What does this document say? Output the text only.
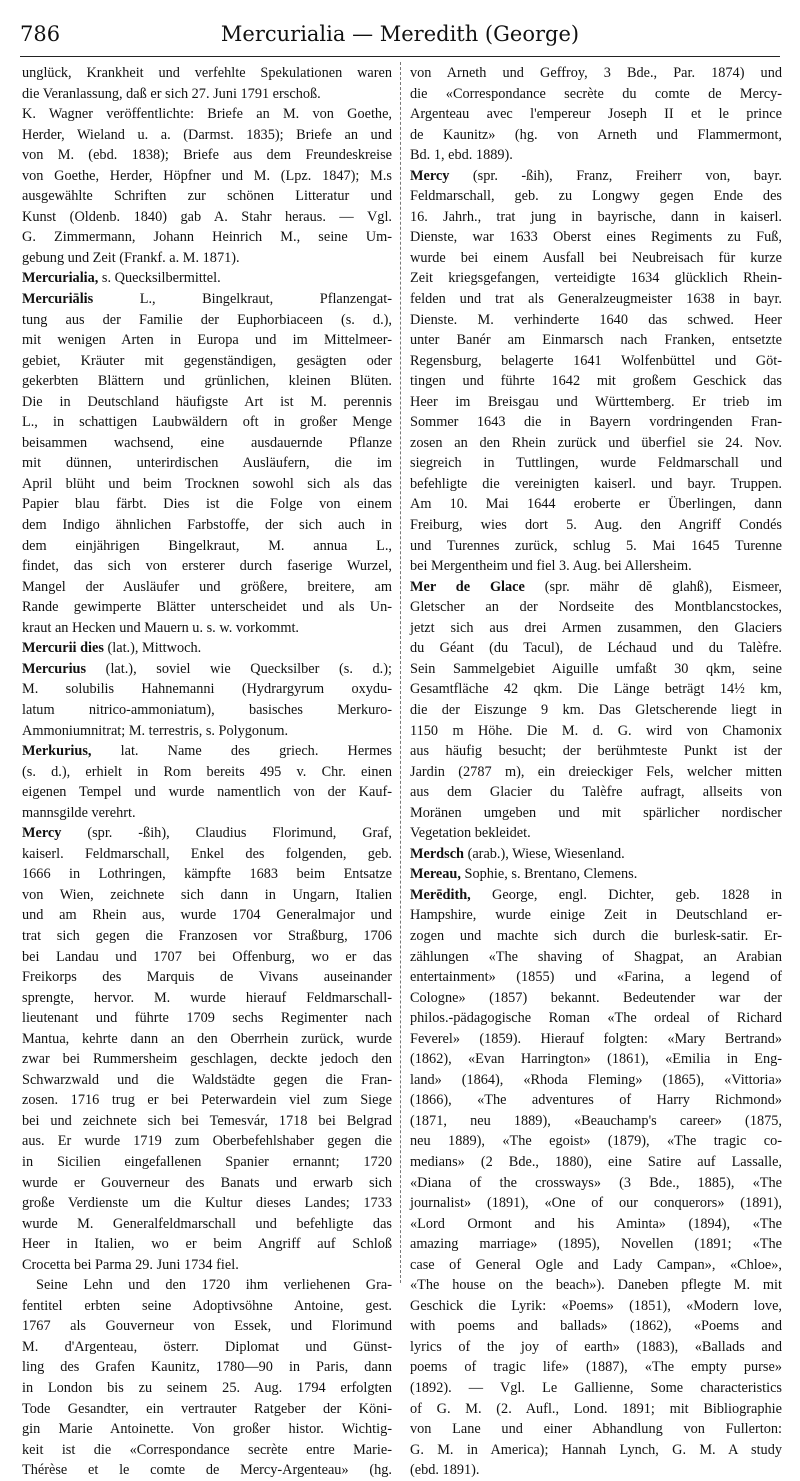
786	Mercurialia — Meredith (George)
unglück, Krankheit und verfehlte Spekulationen waren
die Veranlassung, daß er sich 27. Juni 1791 erschoß.
K. Wagner veröffentlichte: Briefe an M. von Goethe,
Herder, Wieland u. a. (Darmst. 1835); Briefe an und
von M. (ebd. 1838); Briefe aus dem Freundeskreise
von Goethe, Herder, Höpfner und M. (Lpz. 1847); M.s
ausgewählte Schriften zur schönen Litteratur und
Kunst (Oldenb. 1840) gab A. Stahr heraus. — Vgl.
G. Zimmermann, Johann Heinrich M., seine Um-
gebung und Zeit (Frankf. a. M. 1871).
Mercurialia, s. Quecksilbermittel.
Mercuriālis L., Bingelkraut, Pflanzengat-
tung aus der Familie der Euphorbiaceen (s. d.),
mit wenigen Arten in Europa und im Mittelmeer-
gebiet, Kräuter mit gegenständigen, gesägten oder
gekerbten Blättern und grünlichen, kleinen Blüten.
Die in Deutschland häufigste Art ist M. perennis
L., in schattigen Laubwäldern oft in großer Menge
beisammen wachsend, eine ausdauernde Pflanze
mit dünnen, unterirdischen Ausläufern, die im
April blüht und beim Trocknen sowohl sich als das
Papier blau färbt. Dies ist die Folge von einem
dem Indigo ähnlichen Farbstoffe, der sich auch in
dem einjährigen Bingelkraut, M. annua L.,
findet, das sich von ersterer durch faserige Wurzel,
Mangel der Ausläufer und größere, breitere, am
Rande gewimperte Blätter unterscheidet und als Un-
kraut an Hecken und Mauern u. s. w. vorkommt.
Mercurii dies (lat.), Mittwoch.
Mercurius (lat.), soviel wie Quecksilber (s. d.);
M. solubilis Hahnemanni (Hydrargyrum oxydu-
latum nitrico-ammoniatum), basisches Merkuro-
Ammoniumnitrat; M. terrestris, s. Polygonum.
Merkurius, lat. Name des griech. Hermes
(s. d.), erhielt in Rom bereits 495 v. Chr. einen
eigenen Tempel und wurde namentlich von der Kauf-
mannsgilde verehrt.
Mercy (spr. -ßih), Claudius Florimund, Graf,
kaiserl. Feldmarschall, Enkel des folgenden, geb.
1666 in Lothringen, kämpfte 1683 beim Entsatze
von Wien, zeichnete sich dann in Ungarn, Italien
und am Rhein aus, wurde 1704 Generalmajor und
trat sich gegen die Franzosen vor Straßburg, 1706
bei Landau und 1707 bei Offenburg, wo er das
Freikorps des Marquis de Vivans auseinander
sprengte, hervor. M. wurde hierauf Feldmarschall-
lieutenant und führte 1709 sechs Regimenter nach
Mantua, kehrte dann an den Oberrhein zurück, wurde
zwar bei Rummersheim geschlagen, deckte jedoch den
Schwarzwald und die Waldstädte gegen die Fran-
zosen. 1716 trug er bei Peterwardein viel zum Siege
bei und zeichnete sich bei Temesvár, 1718 bei Belgrad
aus. Er wurde 1719 zum Oberbefehlshaber gegen die
in Sicilien eingefallenen Spanier ernannt; 1720
wurde er Gouverneur des Banats und erwarb sich
große Verdienste um die Kultur dieses Landes; 1733
wurde M. Generalfeldmarschall und befehligte das
Heer in Italien, wo er beim Angriff auf Schloß
Crocetta bei Parma 29. Juni 1734 fiel.
Seine Lehn und den 1720 ihm verliehenen Gra-
fentitel erbten seine Adoptivsöhne Antoine, gest.
1767 als Gouverneur von Essek, und Florimund
M. d'Argenteau, österr. Diplomat und Günst-
ling des Grafen Kaunitz, 1780—90 in Paris, dann
in London bis zu seinem 25. Aug. 1794 erfolgten
Tode Gesandter, ein vertrauter Ratgeber der Köni-
gin Marie Antoinette. Von großer histor. Wichtig-
keit ist die «Correspondance secrète entre Marie-
Thérèse et le comte de Mercy-Argenteau» (hg.
von Arneth und Geffroy, 3 Bde., Par. 1874) und
die «Correspondance secrète du comte de Mercy-
Argenteau avec l'empereur Joseph II et le prince
de Kaunitz» (hg. von Arneth und Flammermont,
Bd. 1, ebd. 1889).
Mercy (spr. -ßih), Franz, Freiherr von, bayr.
Feldmarschall, geb. zu Longwy gegen Ende des
16. Jahrh., trat jung in bayrische, dann in kaiserl.
Dienste, war 1633 Oberst eines Regiments zu Fuß,
wurde bei einem Ausfall bei Neubreisach für kurze
Zeit kriegsgefangen, verteidigte 1634 glücklich Rhein-
felden und trat als Generalzeugmeister 1638 in bayr.
Dienste. M. verhinderte 1640 das schwed. Heer
unter Banér am Einmarsch nach Franken, entsetzte
Regensburg, belagerte 1641 Wolfenbüttel und Göt-
tingen und führte 1642 mit großem Geschick das
Heer im Breisgau und Württemberg. Er trieb im
Sommer 1643 die in Bayern vordringenden Fran-
zosen an den Rhein zurück und überfiel sie 24. Nov.
siegreich in Tuttlingen, wurde Feldmarschall und
befehligte die vereinigten kaiserl. und bayr. Truppen.
Am 10. Mai 1644 eroberte er Überlingen, dann
Freiburg, wies dort 5. Aug. den Angriff Condés
und Turennes zurück, schlug 5. Mai 1645 Turenne
bei Mergentheim und fiel 3. Aug. bei Allersheim.
Mer de Glace (spr. mähr dĕ glahß), Eismeer,
Gletscher an der Nordseite des Montblancstockes,
jetzt sich aus drei Armen zusammen, den Glaciers
du Géant (du Tacul), de Léchaud und du Talèfre.
Sein Sammelgebiet Aiguille umfaßt 30 qkm, seine
Gesamtfläche 42 qkm. Die Länge beträgt 14½ km,
die der Eiszunge 9 km. Das Gletscherende liegt in
1150 m Höhe. Die M. d. G. wird von Chamonix
aus häufig besucht; der berühmteste Punkt ist der
Jardin (2787 m), ein dreieckiger Fels, welcher mitten
aus dem Glacier du Talèfre aufragt, allseits von
Moränen umgeben und mit spärlicher nordischer
Vegetation bekleidet.
Merdsch (arab.), Wiese, Wiesenland.
Mereau, Sophie, s. Brentano, Clemens.
Merēdith, George, engl. Dichter, geb. 1828 in
Hampshire, wurde einige Zeit in Deutschland er-
zogen und machte sich durch die burlesk-satir. Er-
zählungen «The shaving of Shagpat, an Arabian
entertainment» (1855) und «Farina, a legend of
Cologne» (1857) bekannt. Bedeutender war der
philos.-pädagogische Roman «The ordeal of Richard
Feverel» (1859). Hierauf folgten: «Mary Bertrand»
(1862), «Evan Harrington» (1861), «Emilia in Eng-
land» (1864), «Rhoda Fleming» (1865), «Vittoria»
(1866), «The adventures of Harry Richmond»
(1871, neu 1889), «Beauchamp's career» (1875,
neu 1889), «The egoist» (1879), «The tragic co-
medians» (2 Bde., 1880), eine Satire auf Lassalle,
«Diana of the crossways» (3 Bde., 1885), «The
journalist» (1891), «One of our conquerors» (1891),
«Lord Ormont and his Aminta» (1894), «The
amazing marriage» (1895), Novellen (1891; «The
case of General Ogle and Lady Campan», «Chloe»,
«The house on the beach»). Daneben pflegte M. mit
Geschick die Lyrik: «Poems» (1851), «Modern love,
with poems and ballads» (1862), «Poems and
lyrics of the joy of earth» (1883), «Ballads and
poems of tragic life» (1887), «The empty purse»
(1892). — Vgl. Le Gallienne, Some characteristics
of G. M. (2. Aufl., Lond. 1891; mit Bibliographie
von Lane und einer Abhandlung von Fullerton:
G. M. in America); Hannah Lynch, G. M. A study
(ebd. 1891).
